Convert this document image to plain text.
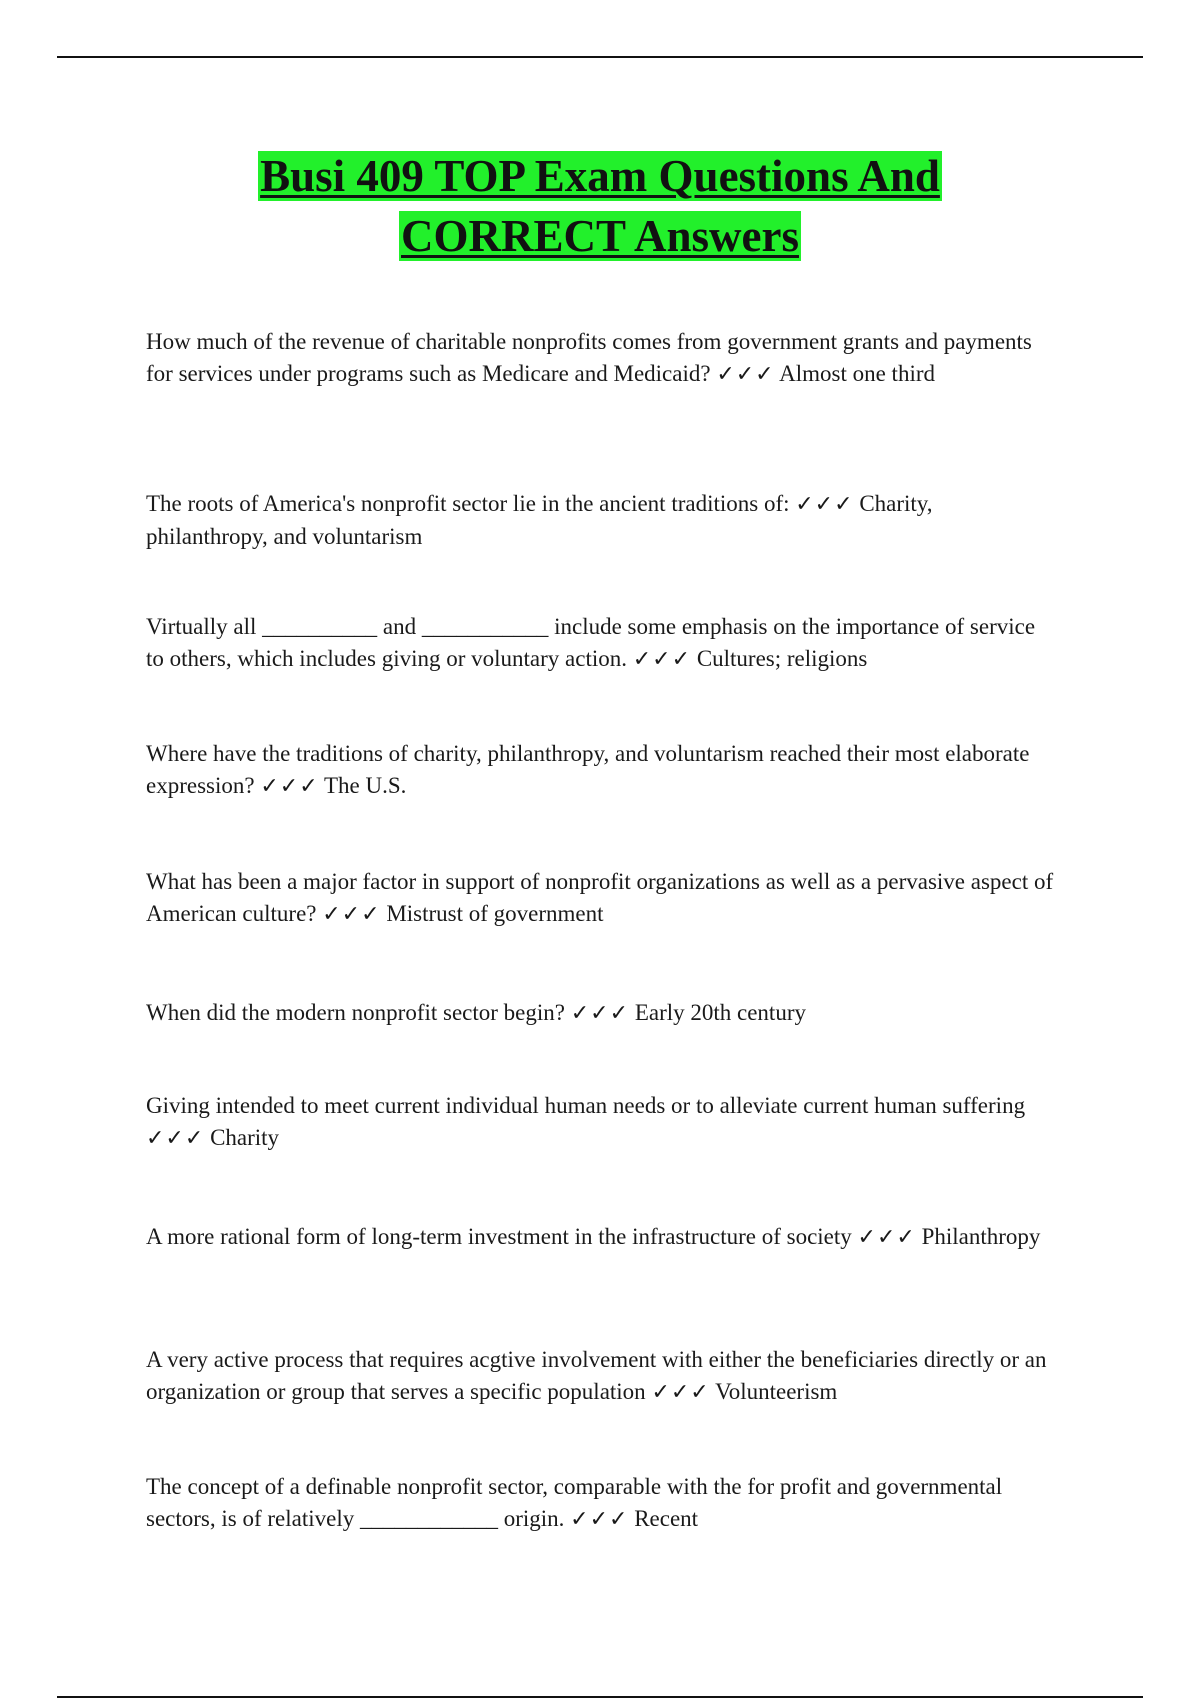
Busi 409 TOP Exam Questions And
CORRECT Answers

How much of the revenue of charitable nonprofits comes from government grants and payments for services under programs such as Medicare and Medicaid? ✓✓✓ Almost one third

The roots of America's nonprofit sector lie in the ancient traditions of: ✓✓✓ Charity, philanthropy, and voluntarism

Virtually all __________ and ___________ include some emphasis on the importance of service to others, which includes giving or voluntary action. ✓✓✓ Cultures; religions

Where have the traditions of charity, philanthropy, and voluntarism reached their most elaborate expression? ✓✓✓ The U.S.

What has been a major factor in support of nonprofit organizations as well as a pervasive aspect of American culture? ✓✓✓ Mistrust of government

When did the modern nonprofit sector begin? ✓✓✓ Early 20th century

Giving intended to meet current individual human needs or to alleviate current human suffering ✓✓✓ Charity

A more rational form of long-term investment in the infrastructure of society ✓✓✓ Philanthropy

A very active process that requires acgtive involvement with either the beneficiaries directly or an organization or group that serves a specific population ✓✓✓ Volunteerism

The concept of a definable nonprofit sector, comparable with the for profit and governmental sectors, is of relatively ____________ origin. ✓✓✓ Recent
